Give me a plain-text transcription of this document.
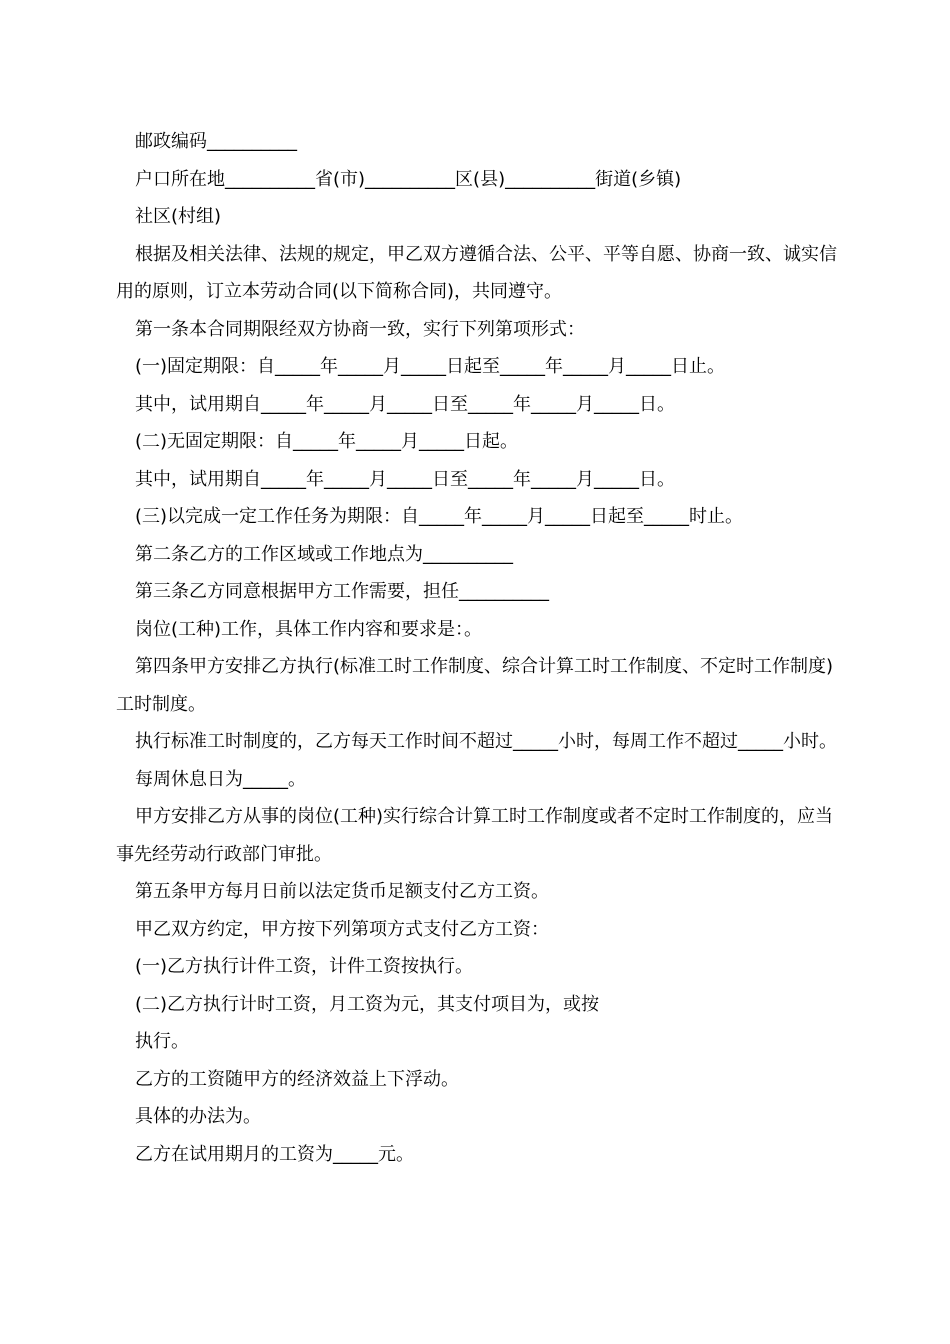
邮政编码__________

户口所在地__________省(市)__________区(县)__________街道(乡镇)

社区(村组)

根据及相关法律、法规的规定，甲乙双方遵循合法、公平、平等自愿、协商一致、诚实信用的原则，订立本劳动合同(以下简称合同)，共同遵守。

第一条本合同期限经双方协商一致，实行下列第项形式：

(一)固定期限：自_____年_____月_____日起至_____年_____月_____日止。

其中，试用期自_____年_____月_____日至_____年_____月_____日。

(二)无固定期限：自_____年_____月_____日起。

其中，试用期自_____年_____月_____日至_____年_____月_____日。

(三)以完成一定工作任务为期限：自_____年_____月_____日起至_____时止。

第二条乙方的工作区域或工作地点为__________

第三条乙方同意根据甲方工作需要，担任__________

岗位(工种)工作，具体工作内容和要求是：。

第四条甲方安排乙方执行(标准工时工作制度、综合计算工时工作制度、不定时工作制度)工时制度。

执行标准工时制度的，乙方每天工作时间不超过_____小时，每周工作不超过_____小时。

每周休息日为_____。

甲方安排乙方从事的岗位(工种)实行综合计算工时工作制度或者不定时工作制度的，应当事先经劳动行政部门审批。

第五条甲方每月日前以法定货币足额支付乙方工资。

甲乙双方约定，甲方按下列第项方式支付乙方工资：

(一)乙方执行计件工资，计件工资按执行。

(二)乙方执行计时工资，月工资为元，其支付项目为，或按

执行。

乙方的工资随甲方的经济效益上下浮动。

具体的办法为。

乙方在试用期月的工资为_____元。
